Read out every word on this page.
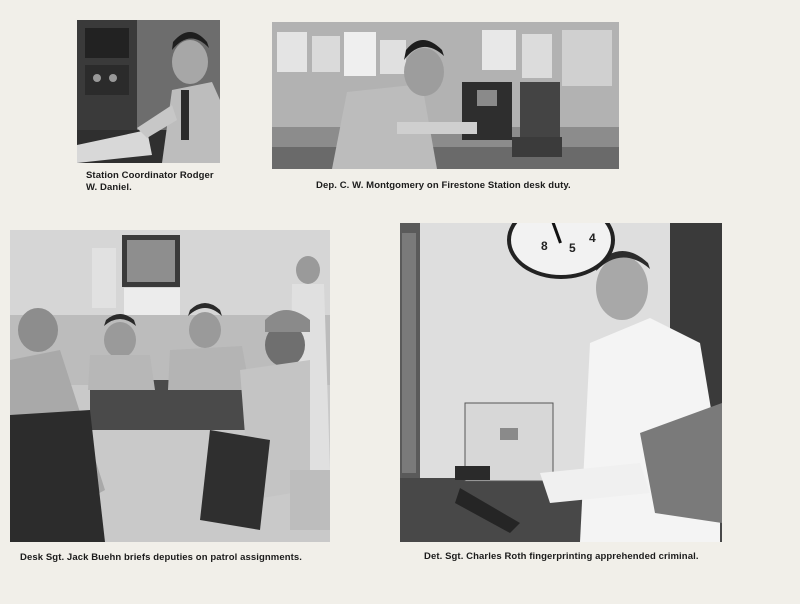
Station Coordinator Rodger
W. Daniel.	Dep. C. W. Montgomery on Firestone Station desk duty.
Desk Sgt. Jack Buehn briefs deputies on patrol assignments.
8 5
4
Det. Sgt. Charles Roth fingerprinting apprehended criminal.
